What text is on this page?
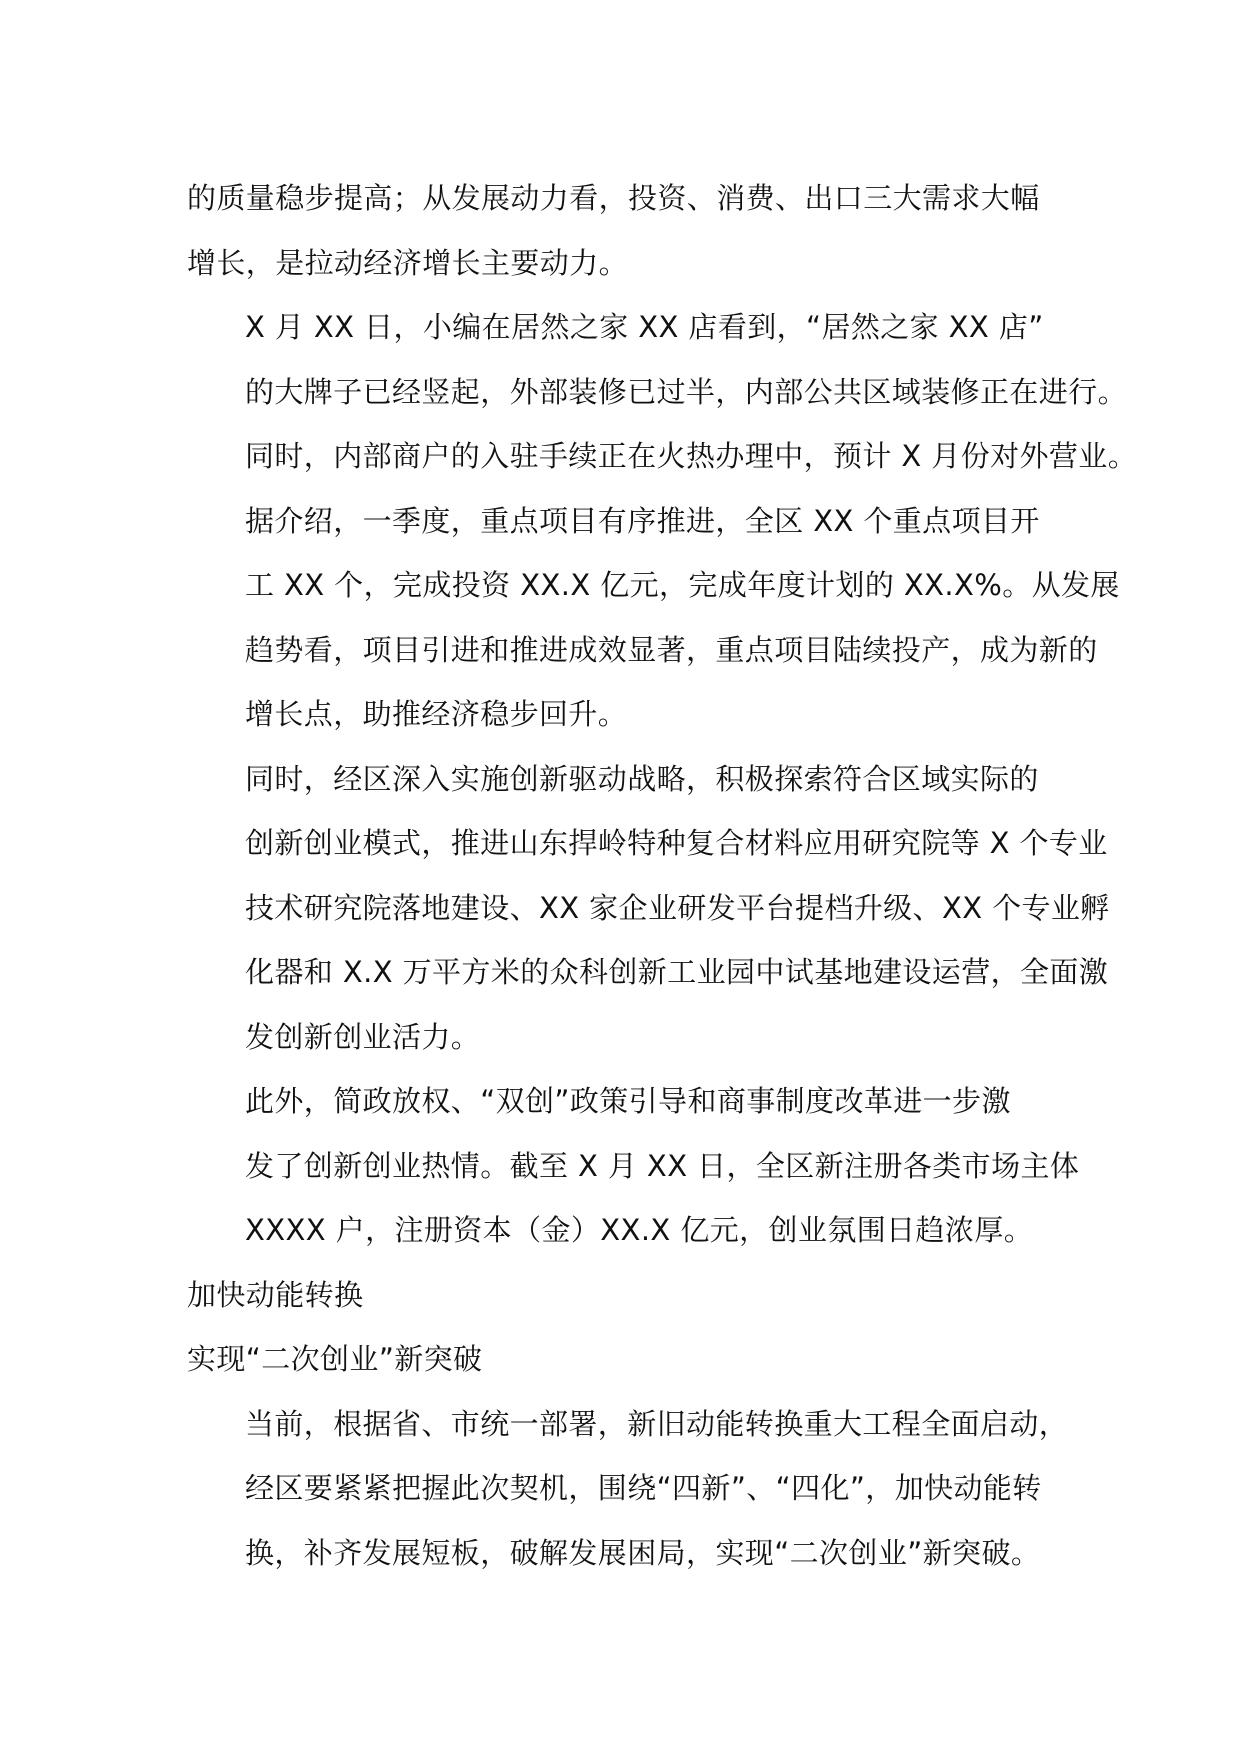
的质量稳步提高；从发展动力看，投资、消费、出口三大需求大幅
增长，是拉动经济增长主要动力。

X 月 XX 日，小编在居然之家 XX 店看到，“居然之家 XX 店”
的大牌子已经竖起，外部装修已过半，内部公共区域装修正在进行。
同时，内部商户的入驻手续正在火热办理中，预计 X 月份对外营业。

据介绍，一季度，重点项目有序推进，全区 XX 个重点项目开
工 XX 个，完成投资 XX.X 亿元，完成年度计划的 XX.X%。从发展
趋势看，项目引进和推进成效显著，重点项目陆续投产，成为新的
增长点，助推经济稳步回升。

同时，经区深入实施创新驱动战略，积极探索符合区域实际的
创新创业模式，推进山东捍岭特种复合材料应用研究院等 X 个专业
技术研究院落地建设、XX 家企业研发平台提档升级、XX 个专业孵
化器和 X.X 万平方米的众科创新工业园中试基地建设运营，全面激
发创新创业活力。

此外，简政放权、“双创”政策引导和商事制度改革进一步激
发了创新创业热情。截至 X 月 XX 日，全区新注册各类市场主体
XXXX 户，注册资本（金）XX.X 亿元，创业氛围日趋浓厚。

加快动能转换

实现“二次创业”新突破

当前，根据省、市统一部署，新旧动能转换重大工程全面启动，
经区要紧紧把握此次契机，围绕“四新”、“四化”，加快动能转
换，补齐发展短板，破解发展困局，实现“二次创业”新突破。
